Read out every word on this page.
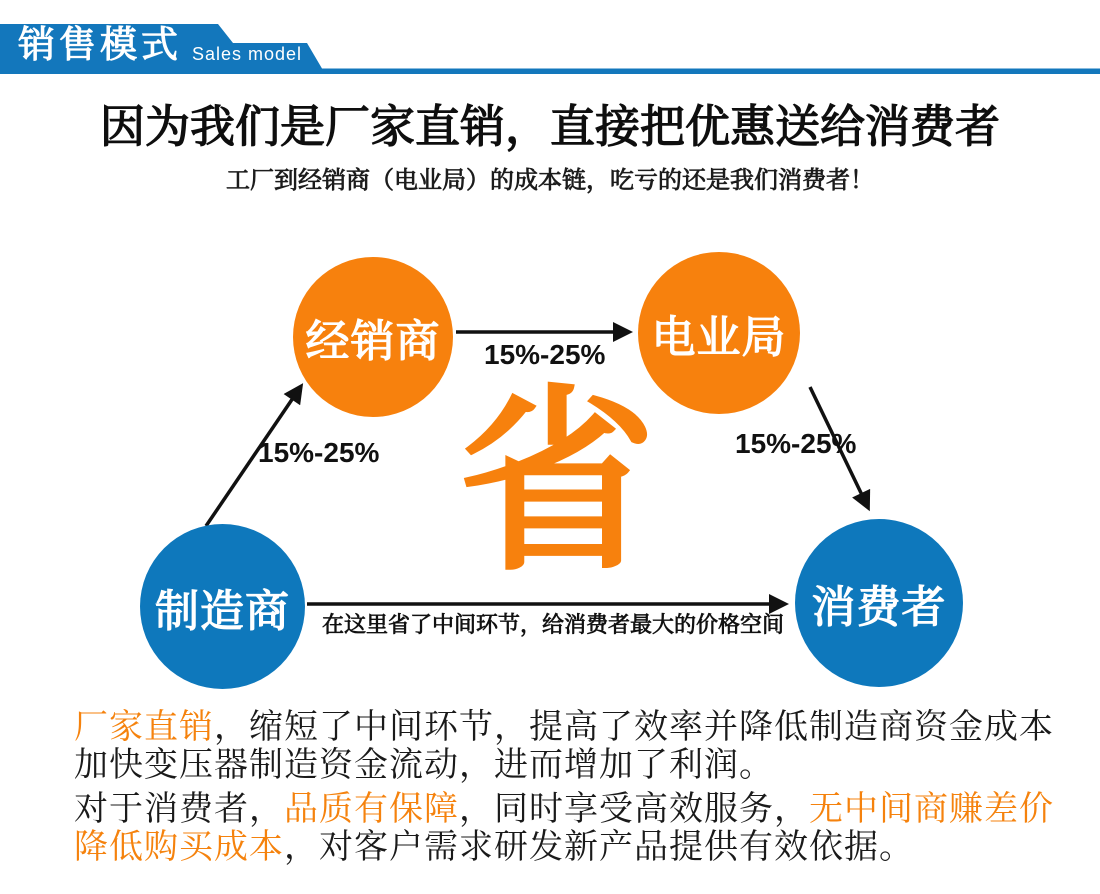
销售模式 Sales model
因为我们是厂家直销，直接把优惠送给消费者
工厂到经销商（电业局）的成本链，吃亏的还是我们消费者！
省
经销商	电业局
制造商	消费者
15%-25%
15%-25%
15%-25%
在这里省了中间环节，给消费者最大的价格空间
厂家直销，缩短了中间环节，提高了效率并降低制造商资金成本
加快变压器制造资金流动，进而增加了利润。
对于消费者，品质有保障，同时享受高效服务，无中间商赚差价
降低购买成本，对客户需求研发新产品提供有效依据。
